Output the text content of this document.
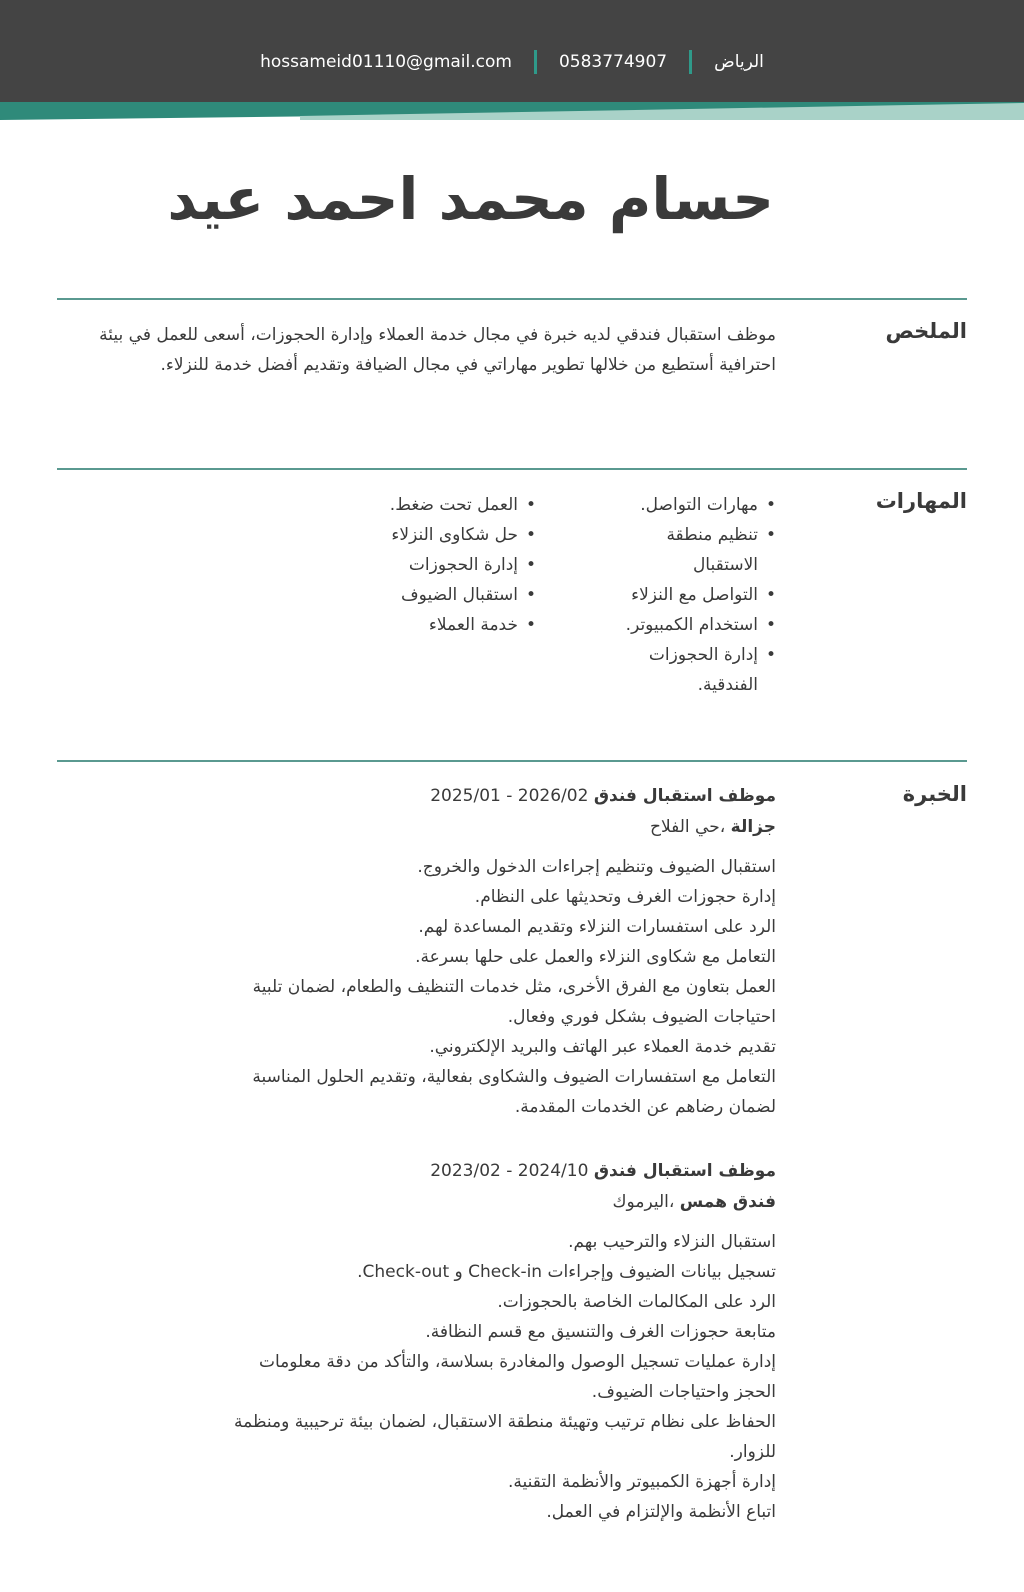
الرياض
0583774907
hossameid01110@gmail.com
حسام محمد احمد عيد
الملخص

موظف استقبال فندقي لديه خبرة في مجال خدمة العملاء وإدارة الحجوزات، أسعى للعمل في بيئة احترافية أستطيع من خلالها تطوير مهاراتي في مجال الضيافة وتقديم أفضل خدمة للنزلاء.

المهارات
• مهارات التواصل.
• تنظيم منطقة الاستقبال
• التواصل مع النزلاء
• استخدام الكمبيوتر.
• إدارة الحجوزات الفندقية.
• العمل تحت ضغط.
• حل شكاوى النزلاء
• إدارة الحجوزات
• استقبال الضيوف
• خدمة العملاء
الخبرة
موظف استقبال فندق 2025/01 - 2026/02
جزالة ،حي الفلاح
استقبال الضيوف وتنظيم إجراءات الدخول والخروج.
إدارة حجوزات الغرف وتحديثها على النظام.
الرد على استفسارات النزلاء وتقديم المساعدة لهم.
التعامل مع شكاوى النزلاء والعمل على حلها بسرعة.
العمل بتعاون مع الفرق الأخرى، مثل خدمات التنظيف والطعام، لضمان تلبية احتياجات الضيوف بشكل فوري وفعال.
تقديم خدمة العملاء عبر الهاتف والبريد الإلكتروني.
التعامل مع استفسارات الضيوف والشكاوى بفعالية، وتقديم الحلول المناسبة لضمان رضاهم عن الخدمات المقدمة.
موظف استقبال فندق 2023/02 - 2024/10
فندق همس ،اليرموك
استقبال النزلاء والترحيب بهم.
تسجيل بيانات الضيوف وإجراءات Check-in و Check-out.
الرد على المكالمات الخاصة بالحجوزات.
متابعة حجوزات الغرف والتنسيق مع قسم النظافة.
إدارة عمليات تسجيل الوصول والمغادرة بسلاسة، والتأكد من دقة معلومات الحجز واحتياجات الضيوف.
الحفاظ على نظام ترتيب وتهيئة منطقة الاستقبال، لضمان بيئة ترحيبية ومنظمة للزوار.
إدارة أجهزة الكمبيوتر والأنظمة التقنية.
اتباع الأنظمة والإلتزام في العمل.
